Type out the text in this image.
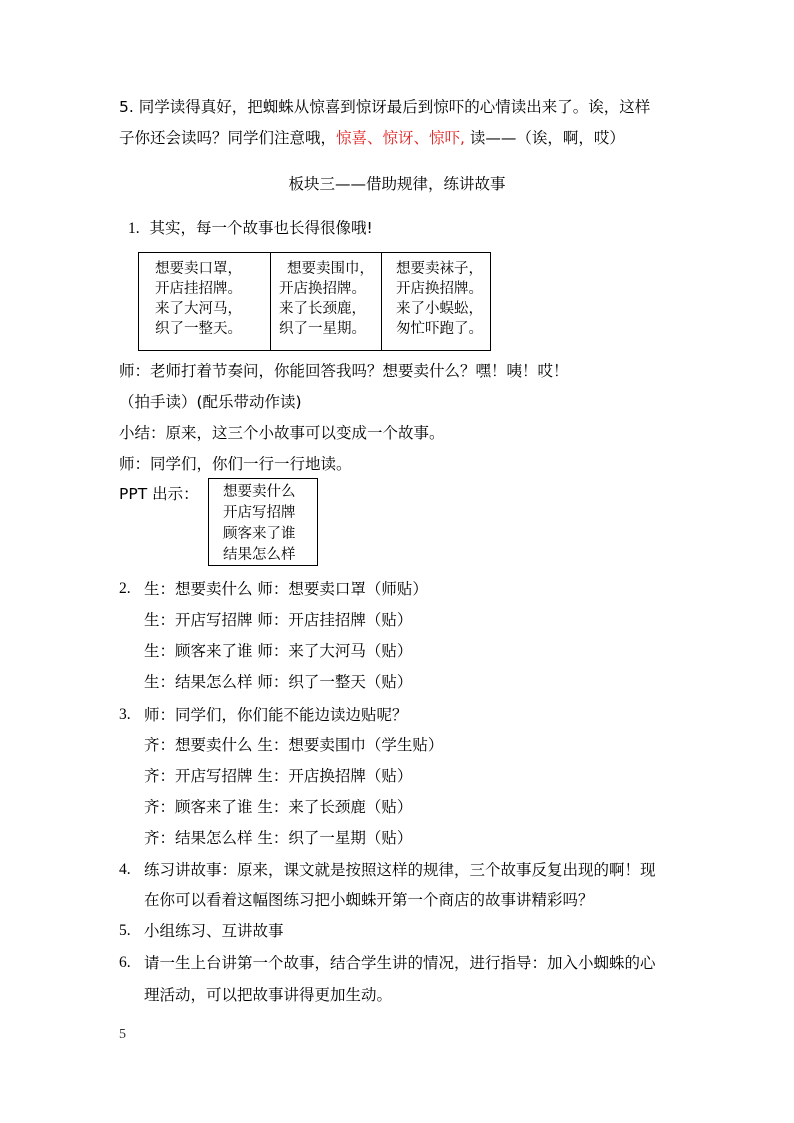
5. 同学读得真好，把蜘蛛从惊喜到惊讶最后到惊吓的心情读出来了。诶，这样
子你还会读吗？同学们注意哦，惊喜、惊讶、惊吓, 读——（诶，啊，哎）
板块三——借助规律，练讲故事
1. 其实，每一个故事也长得很像哦!
想要卖口罩，
开店挂招牌。
来了大河马，
织了一整天。

想要卖围巾，
开店换招牌。
来了长颈鹿，
织了一星期。

想要卖袜子，
开店换招牌。
来了小蜈蚣，
匆忙吓跑了。
师：老师打着节奏问，你能回答我吗？想要卖什么？嘿！咦！哎！
（拍手读）(配乐带动作读)
小结：原来，这三个小故事可以变成一个故事。
师：同学们，你们一行一行地读。
PPT 出示： 想要卖什么
开店写招牌
顾客来了谁
结果怎么样
2. 生：想要卖什么 师：想要卖口罩（师贴）
生：开店写招牌 师：开店挂招牌（贴）
生：顾客来了谁 师：来了大河马（贴）
生：结果怎么样 师：织了一整天（贴）
3. 师：同学们，你们能不能边读边贴呢？
齐：想要卖什么 生：想要卖围巾（学生贴）
齐：开店写招牌 生：开店换招牌（贴）
齐：顾客来了谁 生：来了长颈鹿（贴）
齐：结果怎么样 生：织了一星期（贴）
4. 练习讲故事：原来，课文就是按照这样的规律，三个故事反复出现的啊！现
在你可以看着这幅图练习把小蜘蛛开第一个商店的故事讲精彩吗？
5. 小组练习、互讲故事
6. 请一生上台讲第一个故事，结合学生讲的情况，进行指导：加入小蜘蛛的心
理活动，可以把故事讲得更加生动。
5
